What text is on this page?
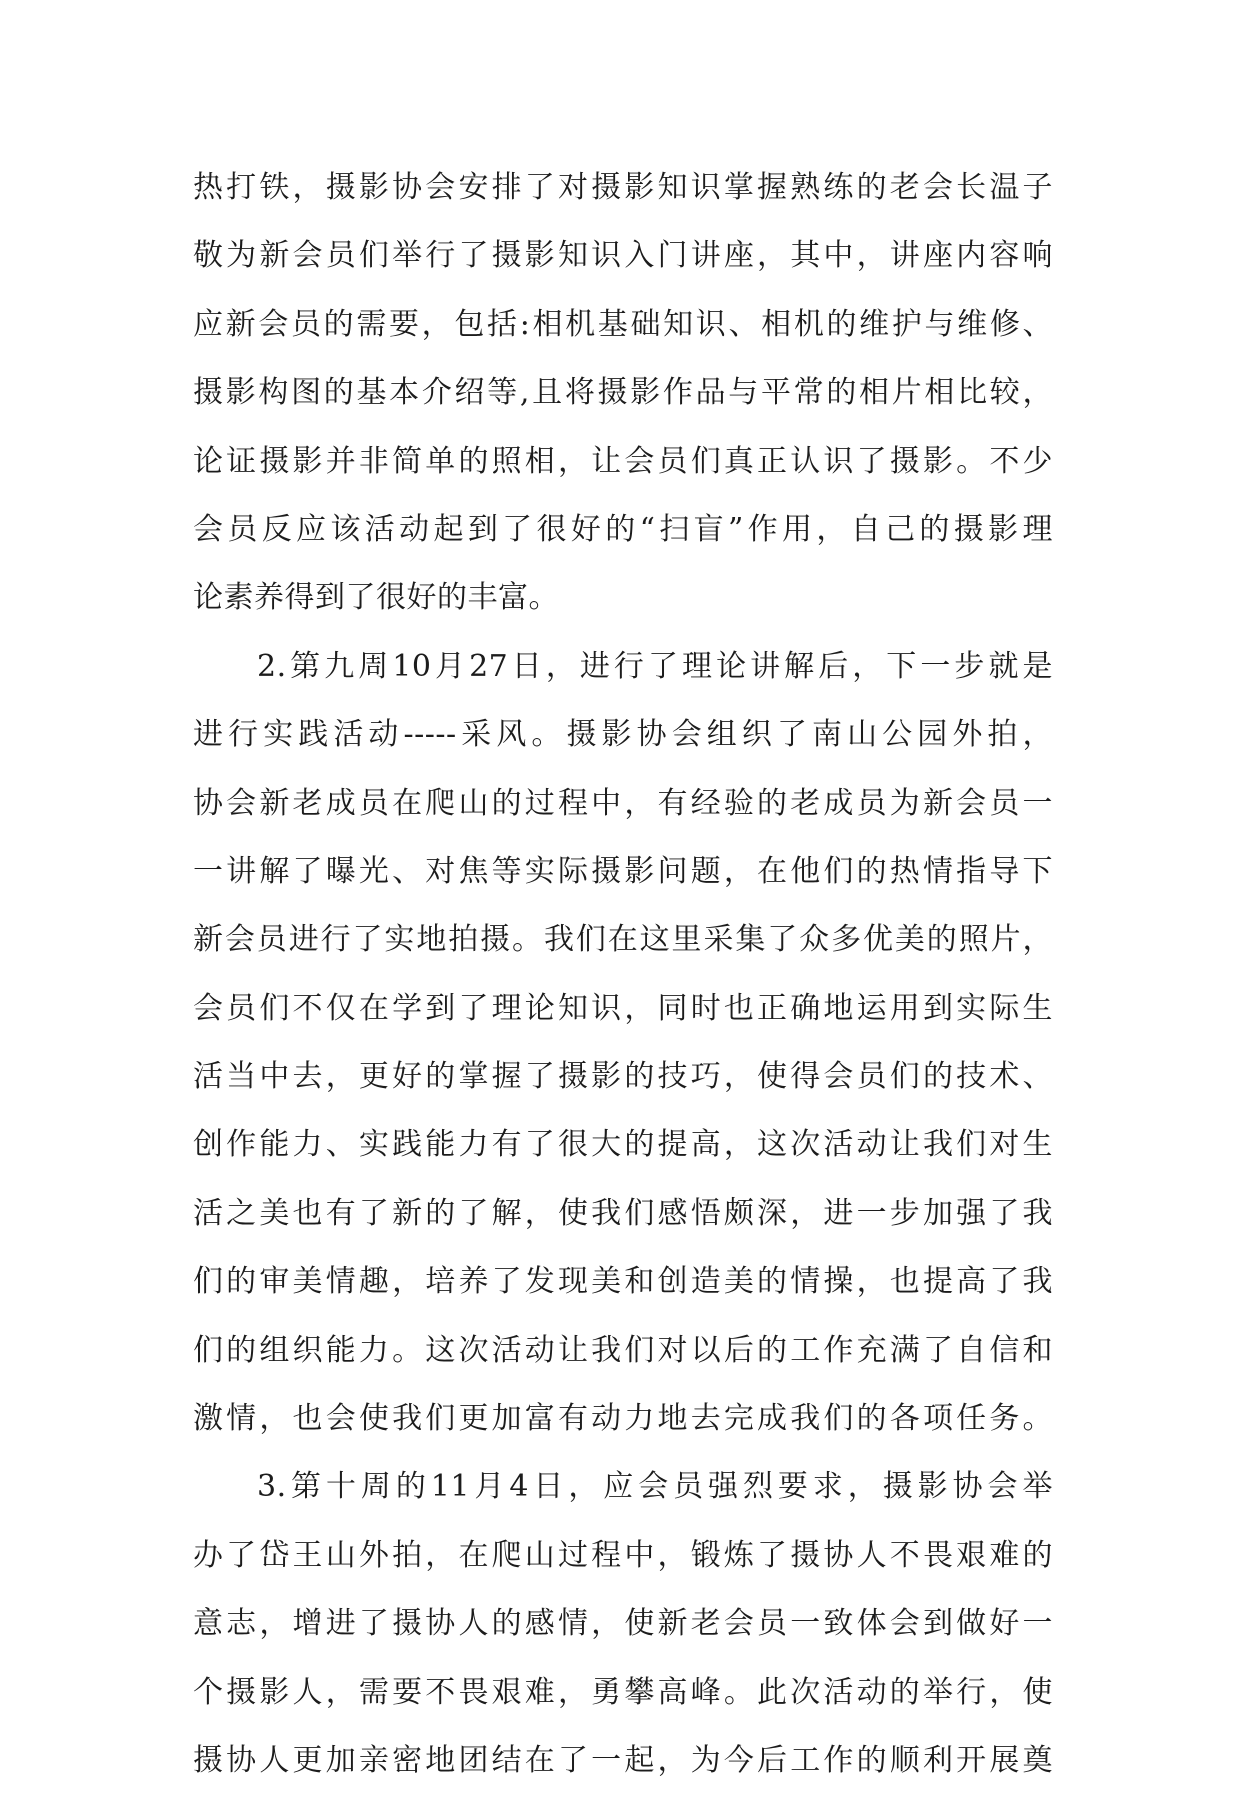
热打铁，摄影协会安排了对摄影知识掌握熟练的老会长温子
敬为新会员们举行了摄影知识入门讲座，其中，讲座内容响
应新会员的需要，包括:相机基础知识、相机的维护与维修、
摄影构图的基本介绍等,且将摄影作品与平常的相片相比较，
论证摄影并非简单的照相，让会员们真正认识了摄影。不少
会员反应该活动起到了很好的“扫盲”作用，自己的摄影理
论素养得到了很好的丰富。
2.第九周10月27日，进行了理论讲解后，下一步就是
进行实践活动-----采风。摄影协会组织了南山公园外拍，
协会新老成员在爬山的过程中，有经验的老成员为新会员一
一讲解了曝光、对焦等实际摄影问题，在他们的热情指导下
新会员进行了实地拍摄。我们在这里采集了众多优美的照片，
会员们不仅在学到了理论知识，同时也正确地运用到实际生
活当中去，更好的掌握了摄影的技巧，使得会员们的技术、
创作能力、实践能力有了很大的提高，这次活动让我们对生
活之美也有了新的了解，使我们感悟颇深，进一步加强了我
们的审美情趣，培养了发现美和创造美的情操，也提高了我
们的组织能力。这次活动让我们对以后的工作充满了自信和
激情，也会使我们更加富有动力地去完成我们的各项任务。
3.第十周的11月4日，应会员强烈要求，摄影协会举
办了岱王山外拍，在爬山过程中，锻炼了摄协人不畏艰难的
意志，增进了摄协人的感情，使新老会员一致体会到做好一
个摄影人，需要不畏艰难，勇攀高峰。此次活动的举行，使
摄协人更加亲密地团结在了一起，为今后工作的顺利开展奠
